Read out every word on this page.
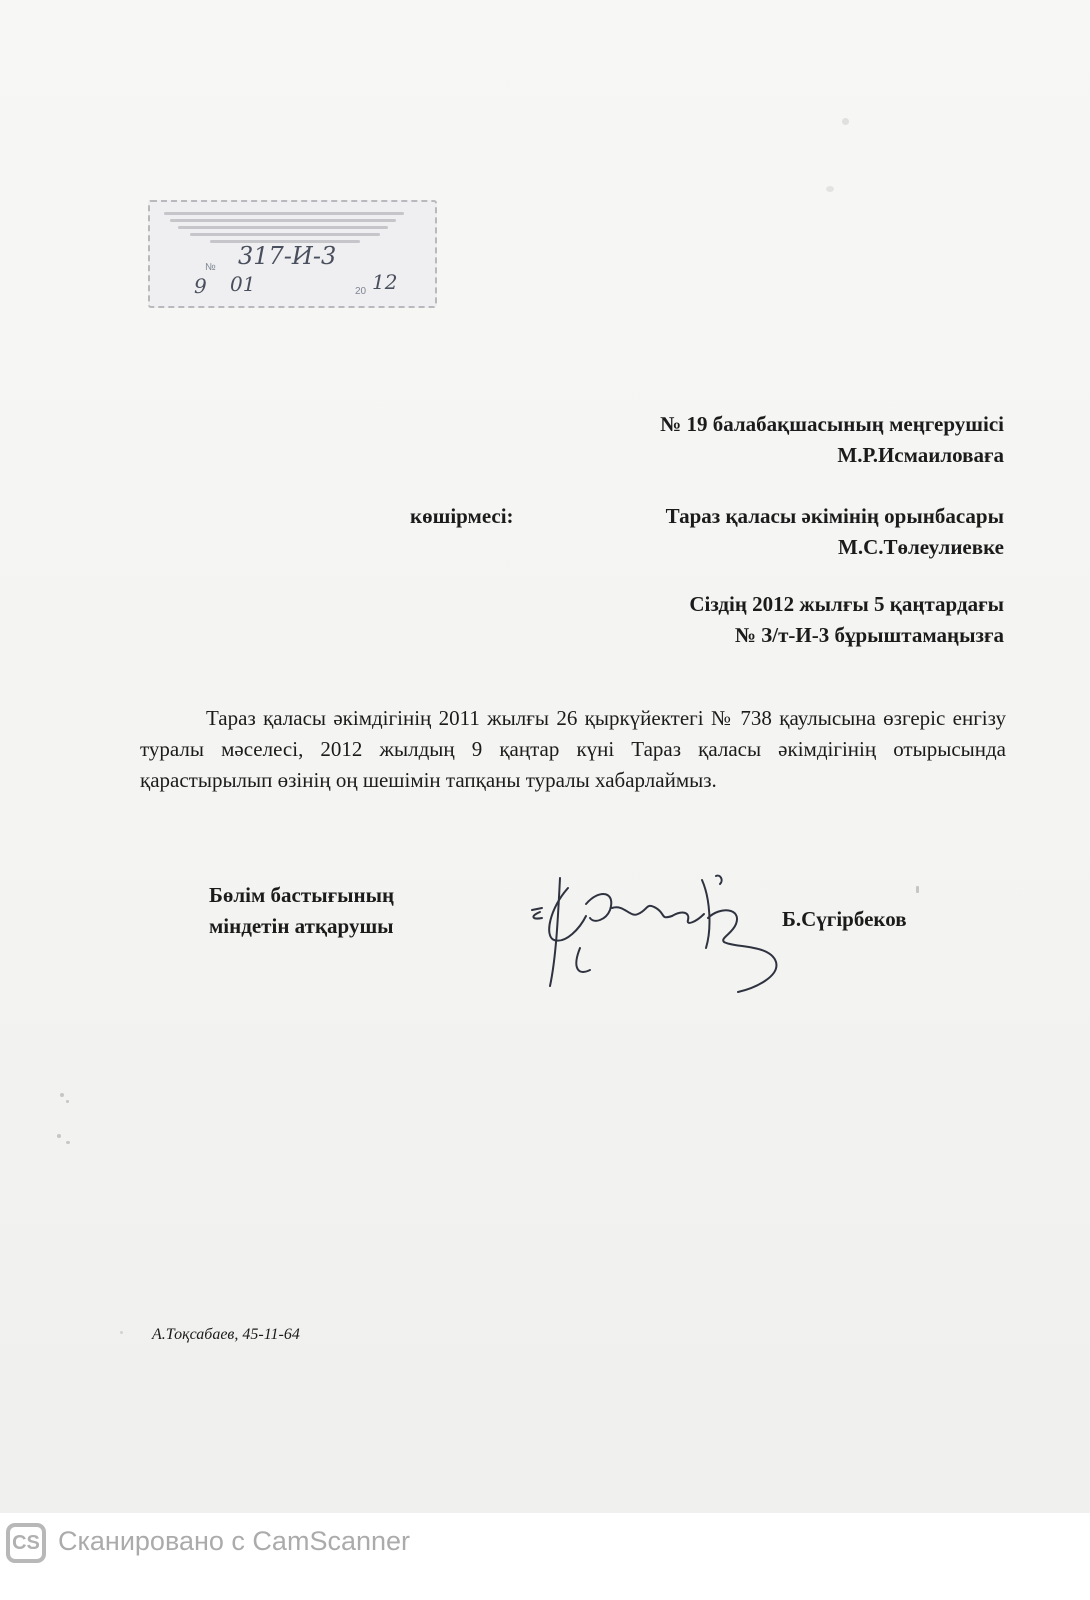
№ 317-И-3
9 01	20 12
№ 19 балабақшасының меңгерушісі
М.Р.Исмаиловаға
көшірмесі:	Тараз қаласы әкімінің орынбасары
М.С.Төлеулиевке
Сіздің 2012 жылғы 5 қаңтардағы
№ З/т-И-3 бұрыштамаңызға
Тараз қаласы әкімдігінің 2011 жылғы 26 қыркүйектегі № 738 қаулысына өзгеріс енгізу туралы мәселесі, 2012 жылдың 9 қаңтар күні Тараз қаласы әкімдігінің отырысында қарастырылып өзінің оң шешімін тапқаны туралы хабарлаймыз.
Бөлім бастығының
міндетін атқарушы	Б.Сүгірбеков
А.Тоқсабаев, 45-11-64
CS Сканировано с CamScanner
